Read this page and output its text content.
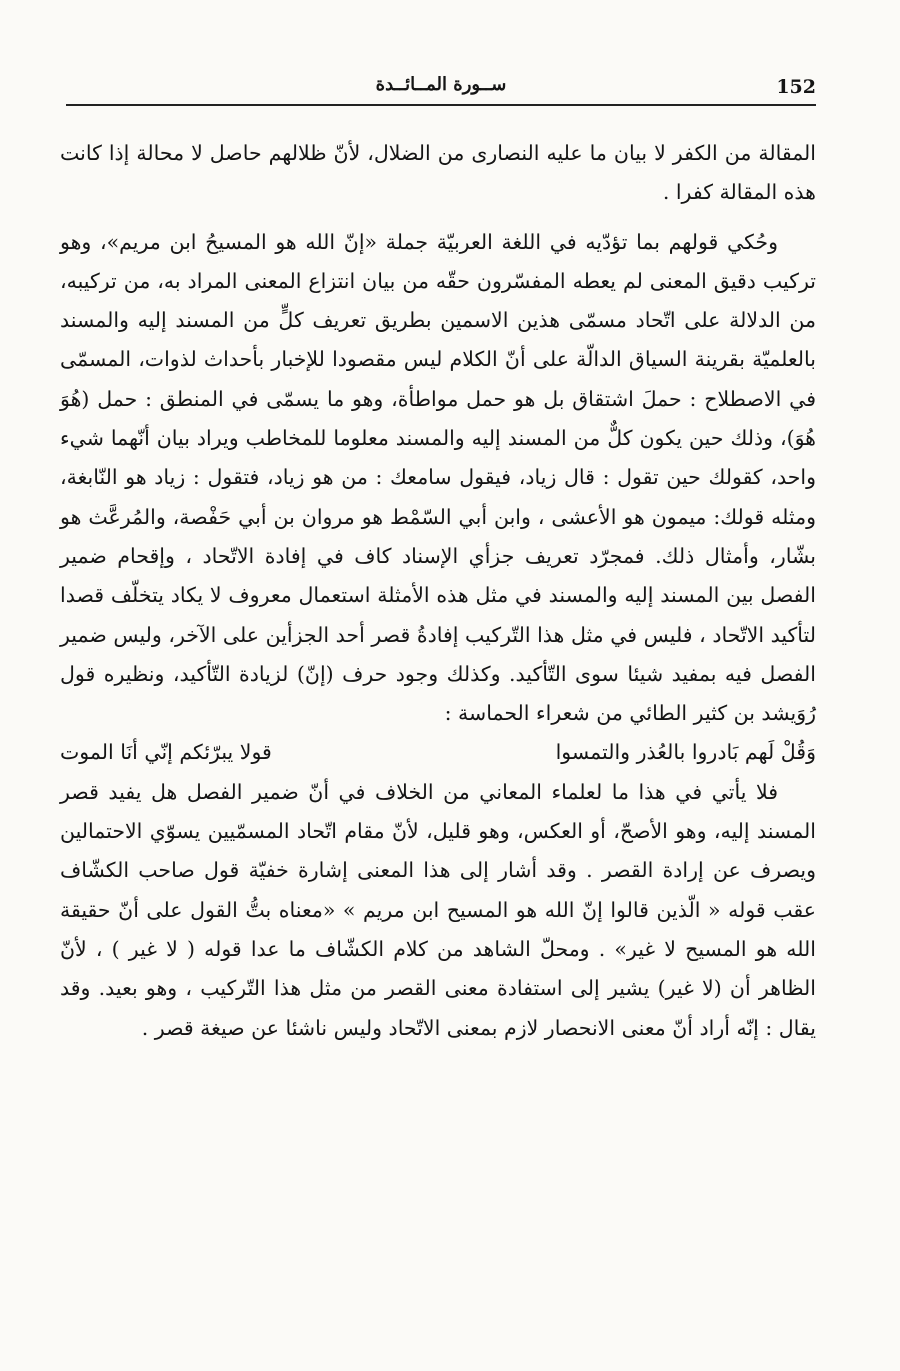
152
ســورة المــائــدة

المقالة من الكفر لا بيان ما عليه النصارى من الضلال، لأنّ ظلالهم حاصل لا محالة إذا كانت هذه المقالة كفرا .

وحُكي قولهم بما تؤدّيه في اللغة العربيّة جملة «إنّ الله هو المسيحُ ابن مريم»، وهو تركيب دقيق المعنى لم يعطه المفسّرون حقّه من بيان انتزاع المعنى المراد به، من تركيبه، من الدلالة على اتّحاد مسمّى هذين الاسمين بطريق تعريف كلٍّ من المسند إليه والمسند بالعلميّة بقرينة السياق الدالّة على أنّ الكلام ليس مقصودا للإخبار بأحداث لذوات، المسمّى في الاصطلاح : حملَ اشتقاق بل هو حمل مواطأة، وهو ما يسمّى في المنطق : حمل (هُوَ هُوَ)، وذلك حين يكون كلٌّ من المسند إليه والمسند معلوما للمخاطب ويراد بيان أنّهما شيء واحد، كقولك حين تقول : قال زياد، فيقول سامعك : من هو زياد، فتقول : زياد هو النّابغة، ومثله قولك: ميمون هو الأعشى ، وابن أبي السّمْط هو مروان بن أبي حَفْصة، والمُرعَّث هو بشّار، وأمثال ذلك. فمجرّد تعريف جزأي الإسناد كاف في إفادة الاتّحاد ، وإقحام ضمير الفصل بين المسند إليه والمسند في مثل هذه الأمثلة استعمال معروف لا يكاد يتخلّف قصدا لتأكيد الاتّحاد ، فليس في مثل هذا التّركيب إفادةُ قصر أحد الجزأين على الآخر، وليس ضمير الفصل فيه بمفيد شيئا سوى التّأكيد. وكذلك وجود حرف (إنّ) لزيادة التّأكيد، ونظيره قول رُوَيشد بن كثير الطائي من شعراء الحماسة :

وَقُلْ لَهم بَادروا بالعُذر والتمسوا
قولا يبرّئكم إنّي أنَا الموت

فلا يأتي في هذا ما لعلماء المعاني من الخلاف في أنّ ضمير الفصل هل يفيد قصر المسند إليه، وهو الأصحّ، أو العكس، وهو قليل، لأنّ مقام اتّحاد المسمّيين يسوّي الاحتمالين ويصرف عن إرادة القصر . وقد أشار إلى هذا المعنى إشارة خفيّة قول صاحب الكشّاف عقب قوله « الّذين قالوا إنّ الله هو المسيح ابن مريم » «معناه بتُّ القول على أنّ حقيقة الله هو المسيح لا غير» . ومحلّ الشاهد من كلام الكشّاف ما عدا قوله ( لا غير ) ، لأنّ الظاهر أن (لا غير) يشير إلى استفادة معنى القصر من مثل هذا التّركيب ، وهو بعيد. وقد يقال : إنّه أراد أنّ معنى الانحصار لازم بمعنى الاتّحاد وليس ناشئا عن صيغة قصر .
